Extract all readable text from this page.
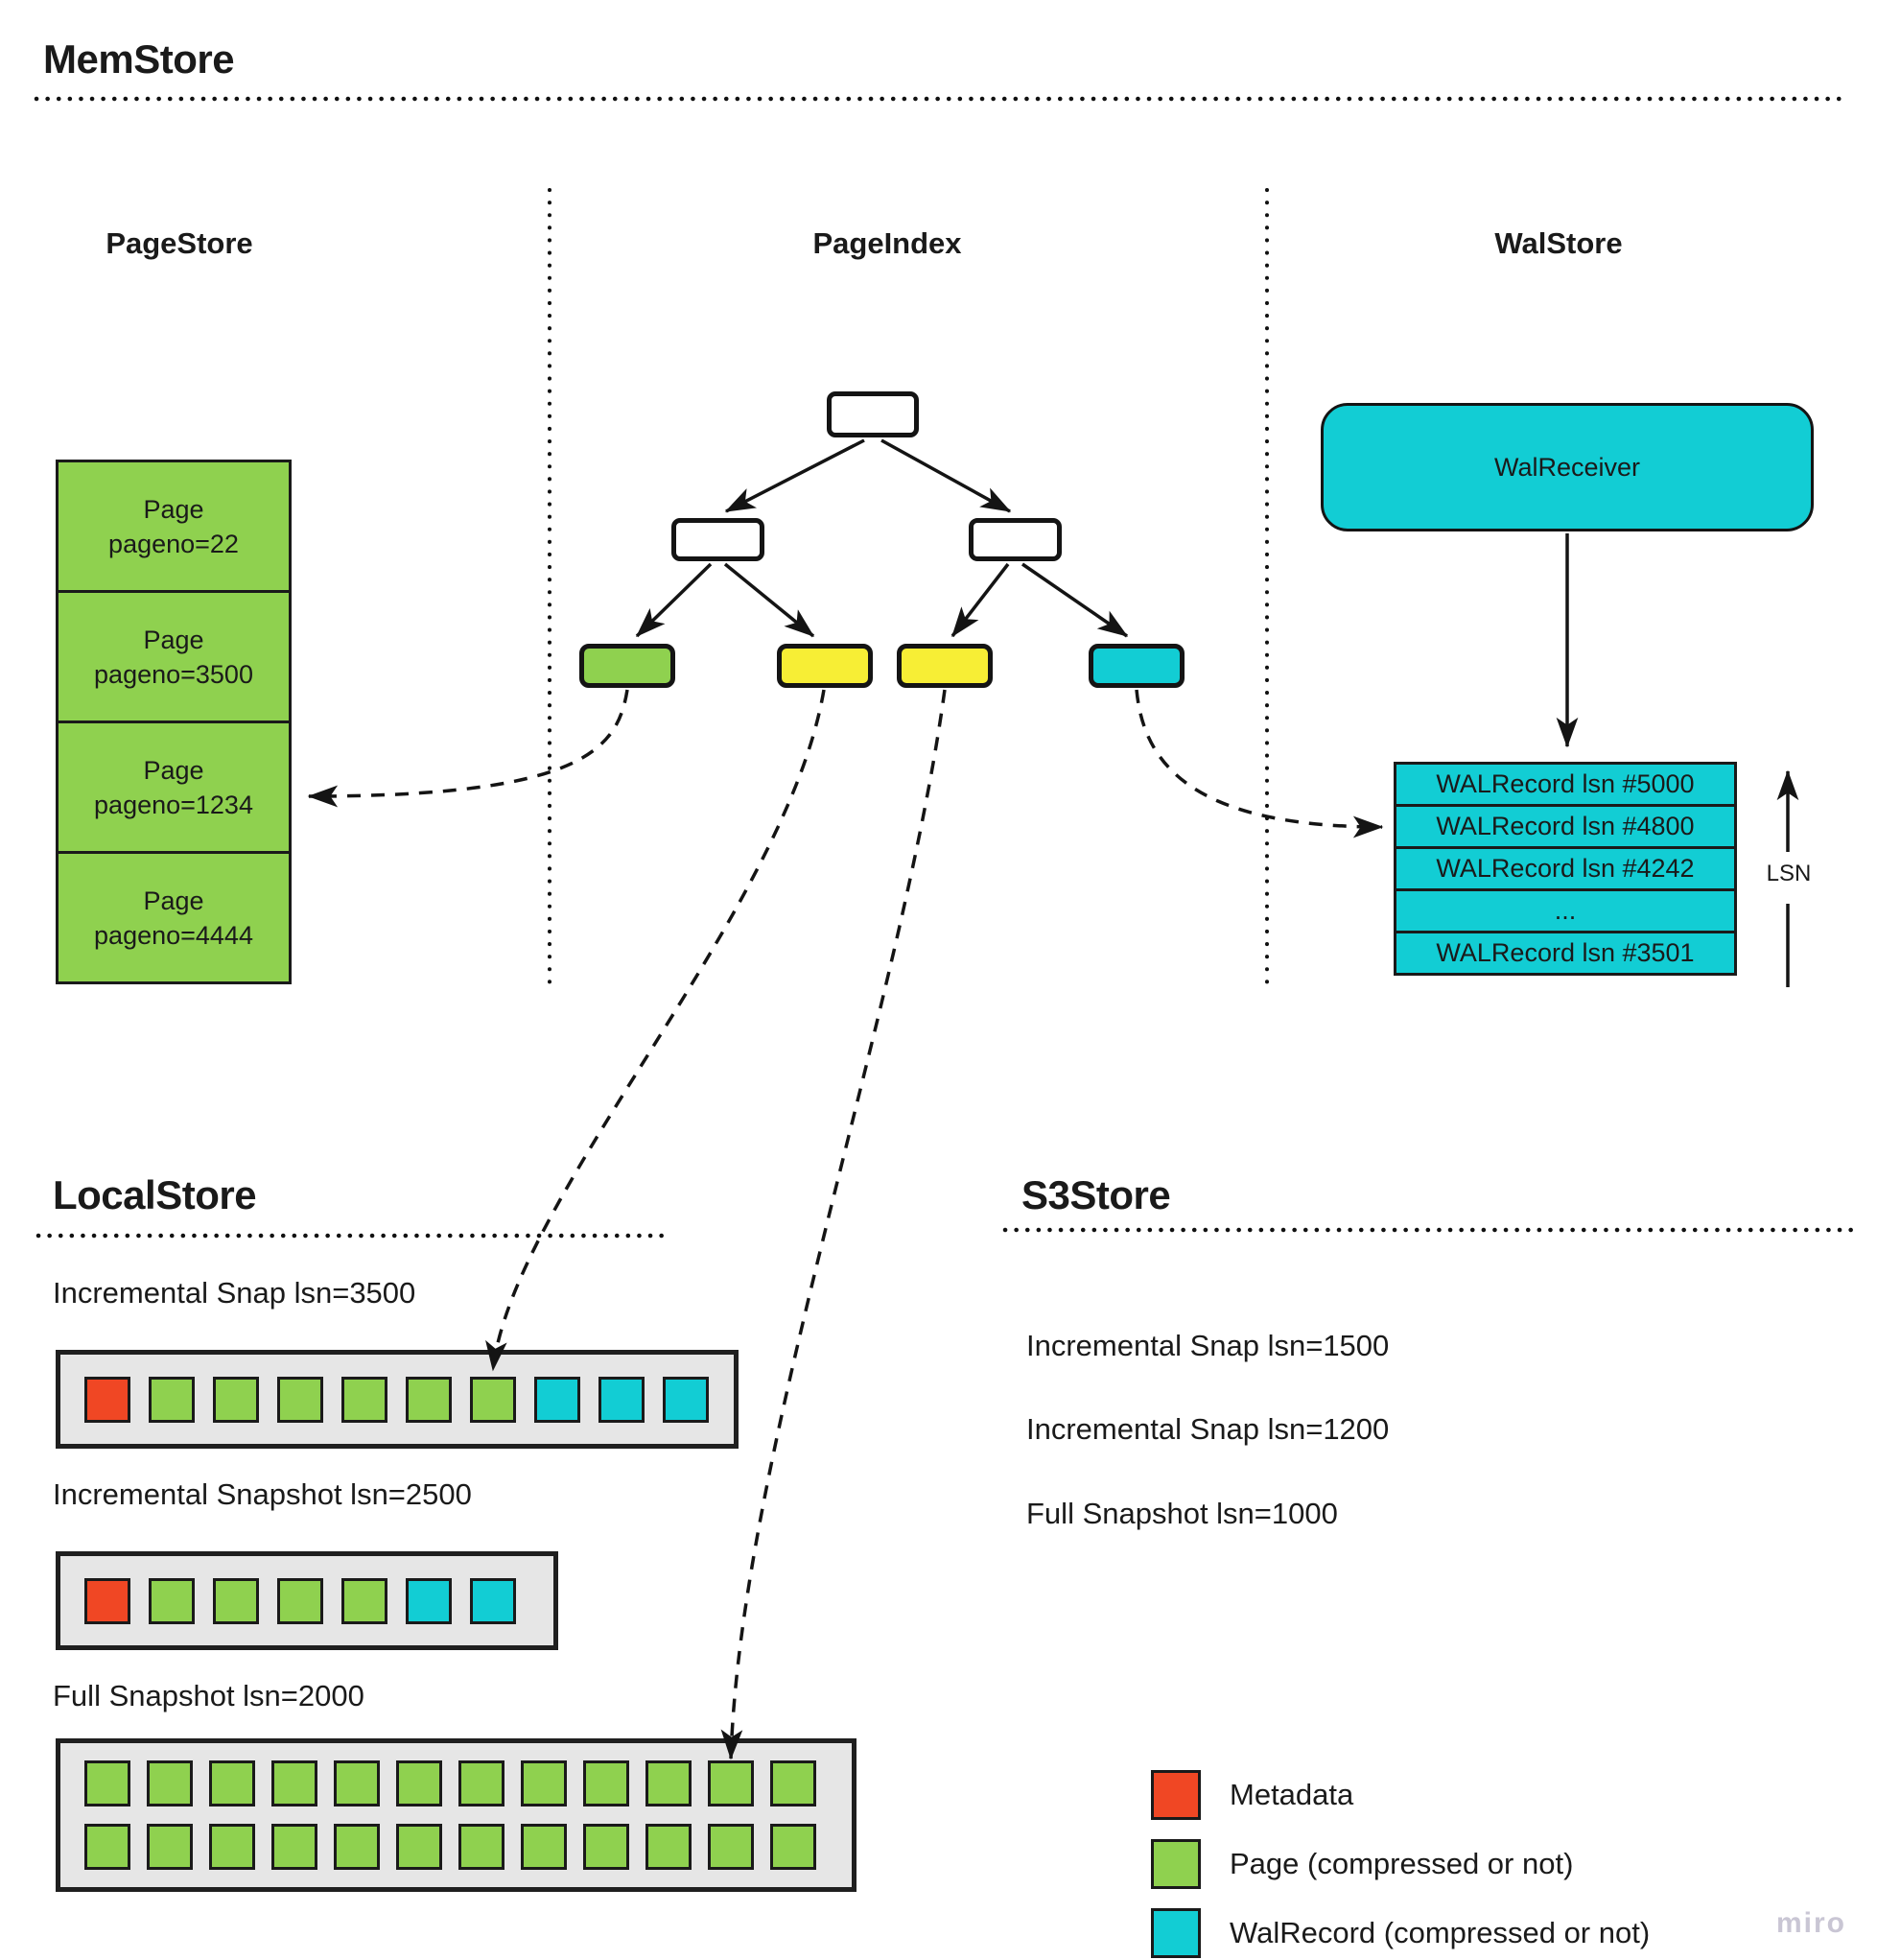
MemStore
PageStore	PageIndex	WalStore
Page
pageno=22
Page
pageno=3500
Page
pageno=1234
Page
pageno=4444
WalReceiver
WALRecord lsn #5000
WALRecord lsn #4800
WALRecord lsn #4242
...
WALRecord lsn #3501
LSN
LocalStore
Incremental Snap lsn=3500
Incremental Snapshot lsn=2500
Full Snapshot lsn=2000
S3Store
Incremental Snap lsn=1500
Incremental Snap lsn=1200
Full Snapshot lsn=1000
Metadata
Page (compressed or not)
WalRecord (compressed or not)	miro
